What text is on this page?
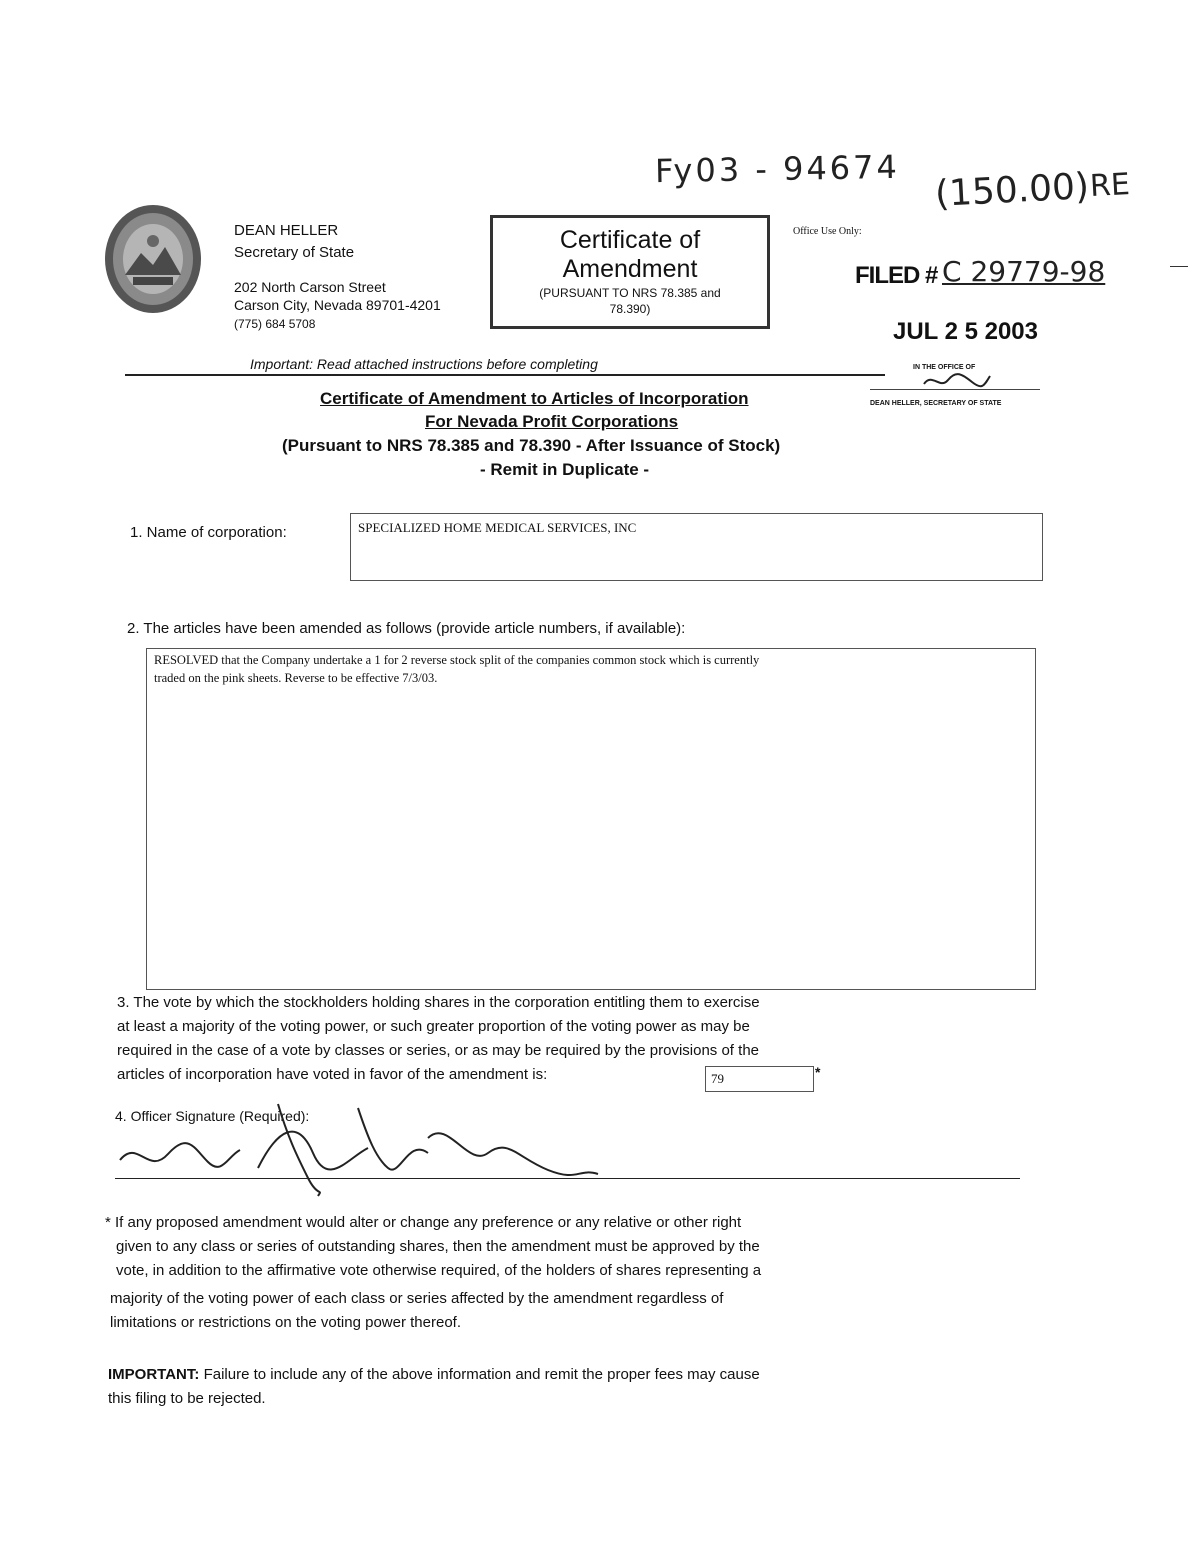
Fy03 - 94674 (150.00) RE
DEAN HELLER
Secretary of State
202 North Carson Street
Carson City, Nevada 89701-4201
(775) 684 5708
Certificate of
Amendment
(PURSUANT TO NRS 78.385 and
78.390)
Office Use Only:
FILED # C 29779-98
JUL 2 5 2003
IN THE OFFICE OF
DEAN HELLER, SECRETARY OF STATE
Important: Read attached instructions before completing
Certificate of Amendment to Articles of Incorporation
For Nevada Profit Corporations
(Pursuant to NRS 78.385 and 78.390 - After Issuance of Stock)
- Remit in Duplicate -
1. Name of corporation:	SPECIALIZED HOME MEDICAL SERVICES, INC
2. The articles have been amended as follows (provide article numbers, if available):
RESOLVED that the Company undertake a 1 for 2 reverse stock split of the companies common stock which is currently
traded on the pink sheets. Reverse to be effective 7/3/03.
3. The vote by which the stockholders holding shares in the corporation entitling them to exercise
at least a majority of the voting power, or such greater proportion of the voting power as may be
required in the case of a vote by classes or series, or as may be required by the provisions of the
articles of incorporation have voted in favor of the amendment is:	79	*
4. Officer Signature (Required):
* If any proposed amendment would alter or change any preference or any relative or other right
given to any class or series of outstanding shares, then the amendment must be approved by the
vote, in addition to the affirmative vote otherwise required, of the holders of shares representing a
majority of the voting power of each class or series affected by the amendment regardless of
limitations or restrictions on the voting power thereof.
IMPORTANT: Failure to include any of the above information and remit the proper fees may cause
this filing to be rejected.
